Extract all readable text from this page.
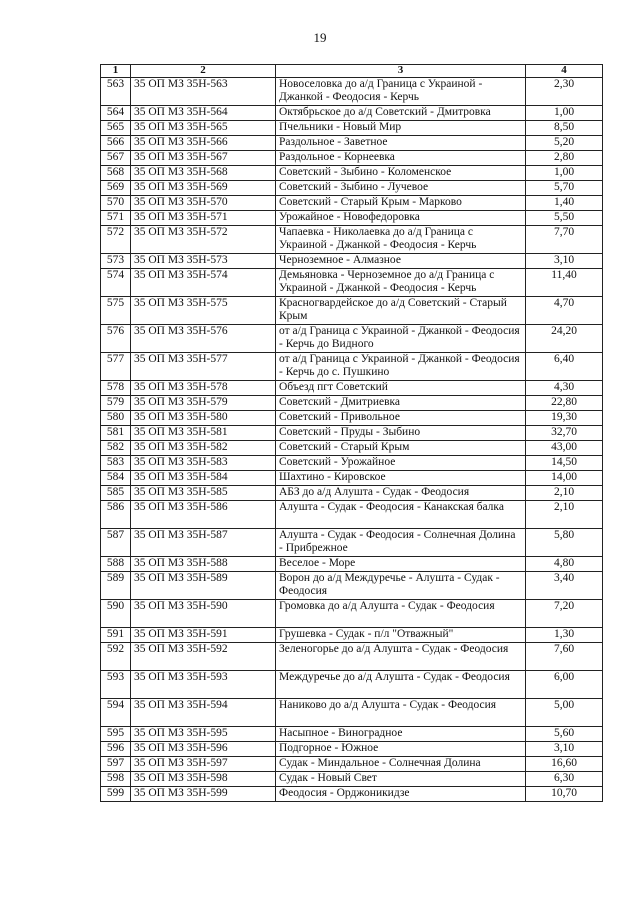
19
1	2	3	4
563	35 ОП МЗ 35Н-563	Новоселовка до а/д Граница с Украиной - Джанкой - Феодосия - Керчь	2,30
564	35 ОП МЗ 35Н-564	Октябрьское до а/д Советский - Дмитровка	1,00
565	35 ОП МЗ 35Н-565	Пчельники - Новый Мир	8,50
566	35 ОП МЗ 35Н-566	Раздольное - Заветное	5,20
567	35 ОП МЗ 35Н-567	Раздольное - Корнеевка	2,80
568	35 ОП МЗ 35Н-568	Советский - Зыбино - Коломенское	1,00
569	35 ОП МЗ 35Н-569	Советский - Зыбино - Лучевое	5,70
570	35 ОП МЗ 35Н-570	Советский - Старый Крым - Марково	1,40
571	35 ОП МЗ 35Н-571	Урожайное - Новофедоровка	5,50
572	35 ОП МЗ 35Н-572	Чапаевка - Николаевка до а/д Граница с Украиной - Джанкой - Феодосия - Керчь	7,70
573	35 ОП МЗ 35Н-573	Черноземное - Алмазное	3,10
574	35 ОП МЗ 35Н-574	Демьяновка - Черноземное до а/д Граница с Украиной - Джанкой - Феодосия - Керчь	11,40
575	35 ОП МЗ 35Н-575	Красногвардейское до а/д Советский - Старый Крым	4,70
576	35 ОП МЗ 35Н-576	от а/д Граница с Украиной - Джанкой - Феодосия - Керчь до Видного	24,20
577	35 ОП МЗ 35Н-577	от а/д Граница с Украиной - Джанкой - Феодосия - Керчь до с. Пушкино	6,40
578	35 ОП МЗ 35Н-578	Объезд пгт Советский	4,30
579	35 ОП МЗ 35Н-579	Советский - Дмитриевка	22,80
580	35 ОП МЗ 35Н-580	Советский - Привольное	19,30
581	35 ОП МЗ 35Н-581	Советский - Пруды - Зыбино	32,70
582	35 ОП МЗ 35Н-582	Советский - Старый Крым	43,00
583	35 ОП МЗ 35Н-583	Советский - Урожайное	14,50
584	35 ОП МЗ 35Н-584	Шахтино - Кировское	14,00
585	35 ОП МЗ 35Н-585	АБЗ до а/д Алушта - Судак - Феодосия	2,10
586	35 ОП МЗ 35Н-586	Алушта - Судак - Феодосия - Канакская балка	2,10
587	35 ОП МЗ 35Н-587	Алушта - Судак - Феодосия - Солнечная Долина - Прибрежное	5,80
588	35 ОП МЗ 35Н-588	Веселое - Море	4,80
589	35 ОП МЗ 35Н-589	Ворон до а/д Междуречье - Алушта - Судак - Феодосия	3,40
590	35 ОП МЗ 35Н-590	Громовка до а/д Алушта - Судак - Феодосия	7,20
591	35 ОП МЗ 35Н-591	Грушевка - Судак - п/л "Отважный"	1,30
592	35 ОП МЗ 35Н-592	Зеленогорье до а/д Алушта - Судак - Феодосия	7,60
593	35 ОП МЗ 35Н-593	Междуречье до а/д Алушта - Судак - Феодосия	6,00
594	35 ОП МЗ 35Н-594	Наниково до а/д Алушта - Судак - Феодосия	5,00
595	35 ОП МЗ 35Н-595	Насыпное - Виноградное	5,60
596	35 ОП МЗ 35Н-596	Подгорное - Южное	3,10
597	35 ОП МЗ 35Н-597	Судак - Миндальное - Солнечная Долина	16,60
598	35 ОП МЗ 35Н-598	Судак - Новый Свет	6,30
599	35 ОП МЗ 35Н-599	Феодосия - Орджоникидзе	10,70
